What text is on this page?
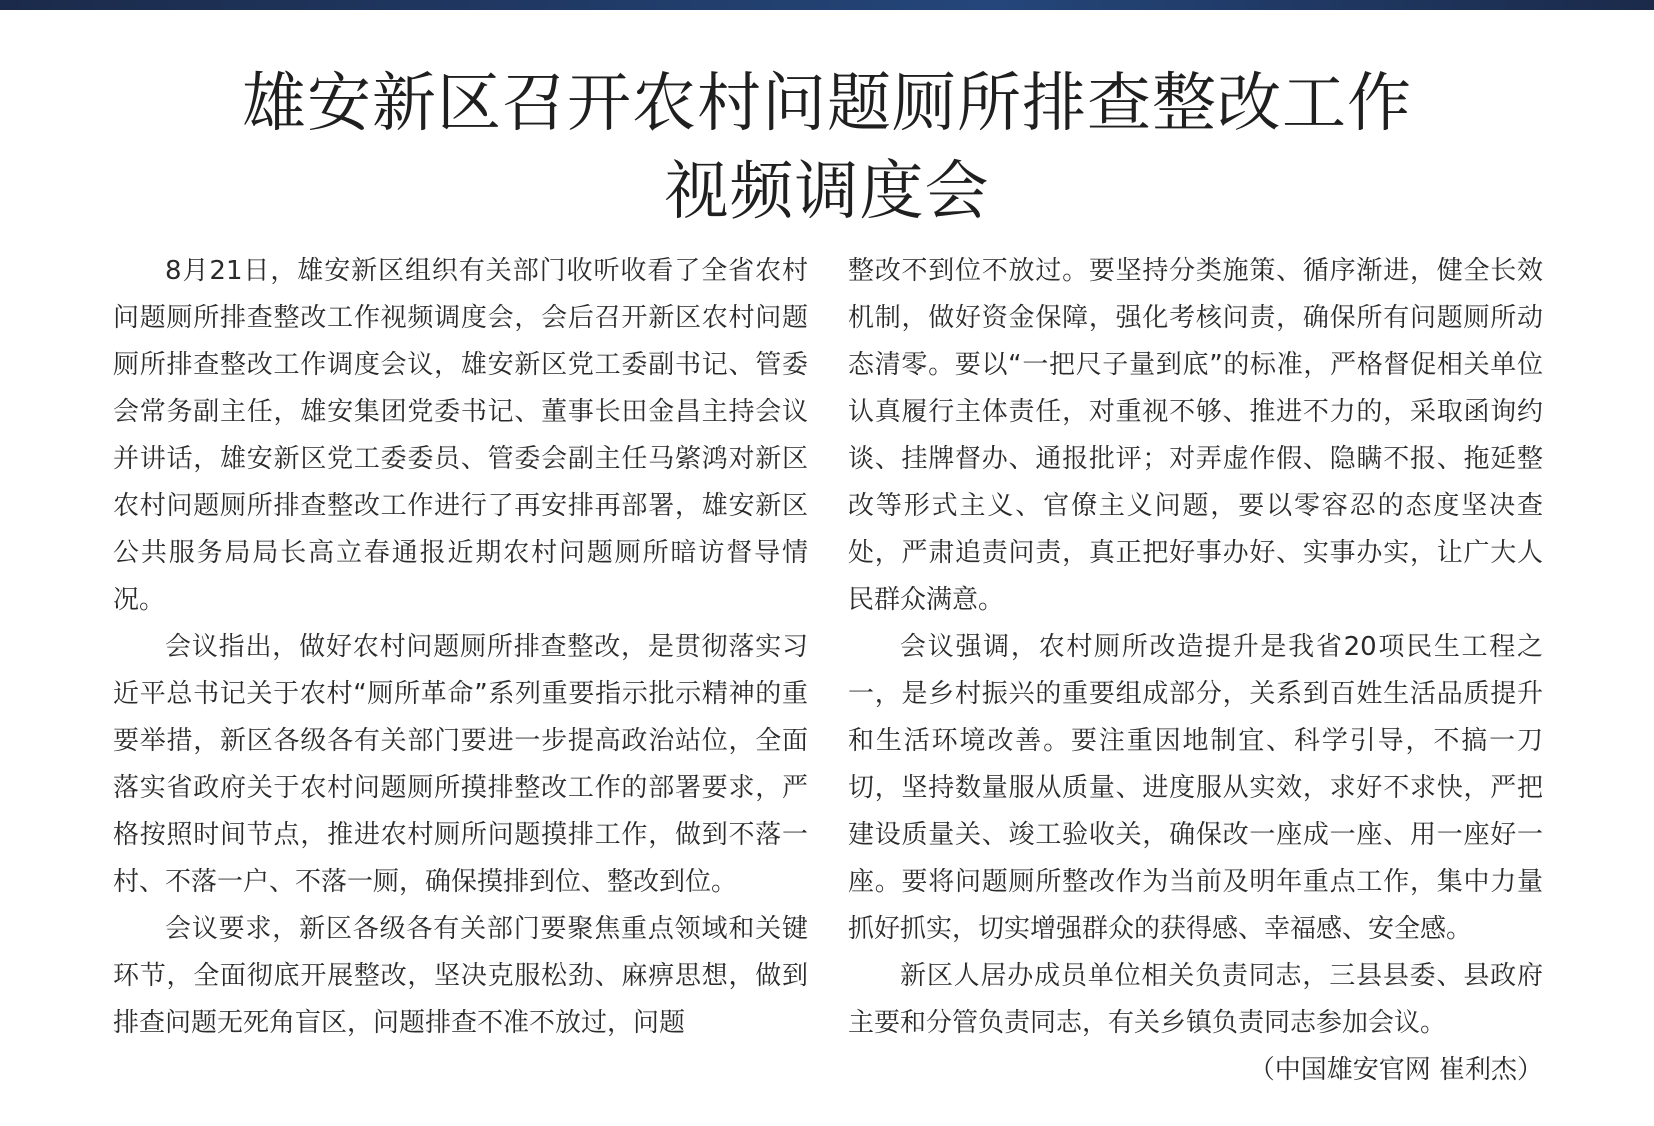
雄安新区召开农村问题厕所排查整改工作
视频调度会

8月21日，雄安新区组织有关部门收听收看了全省农村问题厕所排查整改工作视频调度会，会后召开新区农村问题厕所排查整改工作调度会议，雄安新区党工委副书记、管委会常务副主任，雄安集团党委书记、董事长田金昌主持会议并讲话，雄安新区党工委委员、管委会副主任马綮鸿对新区农村问题厕所排查整改工作进行了再安排再部署，雄安新区公共服务局局长高立春通报近期农村问题厕所暗访督导情况。

会议指出，做好农村问题厕所排查整改，是贯彻落实习近平总书记关于农村“厕所革命”系列重要指示批示精神的重要举措，新区各级各有关部门要进一步提高政治站位，全面落实省政府关于农村问题厕所摸排整改工作的部署要求，严格按照时间节点，推进农村厕所问题摸排工作，做到不落一村、不落一户、不落一厕，确保摸排到位、整改到位。

会议要求，新区各级各有关部门要聚焦重点领域和关键环节，全面彻底开展整改，坚决克服松劲、麻痹思想，做到排查问题无死角盲区，问题排查不准不放过，问题

整改不到位不放过。要坚持分类施策、循序渐进，健全长效机制，做好资金保障，强化考核问责，确保所有问题厕所动态清零。要以“一把尺子量到底”的标准，严格督促相关单位认真履行主体责任，对重视不够、推进不力的，采取函询约谈、挂牌督办、通报批评；对弄虚作假、隐瞒不报、拖延整改等形式主义、官僚主义问题，要以零容忍的态度坚决查处，严肃追责问责，真正把好事办好、实事办实，让广大人民群众满意。

会议强调，农村厕所改造提升是我省20项民生工程之一，是乡村振兴的重要组成部分，关系到百姓生活品质提升和生活环境改善。要注重因地制宜、科学引导，不搞一刀切，坚持数量服从质量、进度服从实效，求好不求快，严把建设质量关、竣工验收关，确保改一座成一座、用一座好一座。要将问题厕所整改作为当前及明年重点工作，集中力量抓好抓实，切实增强群众的获得感、幸福感、安全感。

新区人居办成员单位相关负责同志，三县县委、县政府主要和分管负责同志，有关乡镇负责同志参加会议。

（中国雄安官网 崔利杰）
